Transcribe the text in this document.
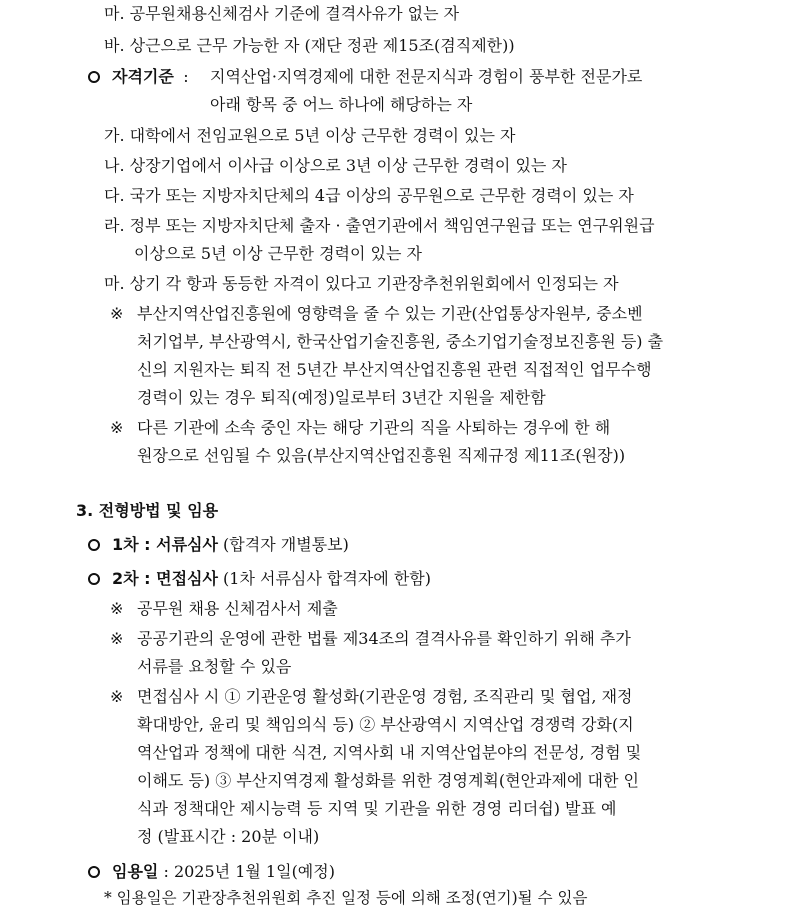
마. 공무원채용신체검사 기준에 결격사유가 없는 자
바. 상근으로 근무 가능한 자 (재단 정관 제15조(겸직제한))
자격기준 : 지역산업·지역경제에 대한 전문지식과 경험이 풍부한 전문가로
아래 항목 중 어느 하나에 해당하는 자
가. 대학에서 전임교원으로 5년 이상 근무한 경력이 있는 자
나. 상장기업에서 이사급 이상으로 3년 이상 근무한 경력이 있는 자
다. 국가 또는 지방자치단체의 4급 이상의 공무원으로 근무한 경력이 있는 자
라. 정부 또는 지방자치단체 출자 · 출연기관에서 책임연구원급 또는 연구위원급
이상으로 5년 이상 근무한 경력이 있는 자
마. 상기 각 항과 동등한 자격이 있다고 기관장추천위원회에서 인정되는 자
※ 부산지역산업진흥원에 영향력을 줄 수 있는 기관(산업통상자원부, 중소벤
처기업부, 부산광역시, 한국산업기술진흥원, 중소기업기술정보진흥원 등) 출
신의 지원자는 퇴직 전 5년간 부산지역산업진흥원 관련 직접적인 업무수행
경력이 있는 경우 퇴직(예정)일로부터 3년간 지원을 제한함
※ 다른 기관에 소속 중인 자는 해당 기관의 직을 사퇴하는 경우에 한 해
원장으로 선임될 수 있음(부산지역산업진흥원 직제규정 제11조(원장))
3. 전형방법 및 임용
1차 : 서류심사 (합격자 개별통보)
2차 : 면접심사 (1차 서류심사 합격자에 한함)
※ 공무원 채용 신체검사서 제출
※ 공공기관의 운영에 관한 법률 제34조의 결격사유를 확인하기 위해 추가
서류를 요청할 수 있음
※ 면접심사 시 ① 기관운영 활성화(기관운영 경험, 조직관리 및 협업, 재정
확대방안, 윤리 및 책임의식 등) ② 부산광역시 지역산업 경쟁력 강화(지
역산업과 정책에 대한 식견, 지역사회 내 지역산업분야의 전문성, 경험 및
이해도 등) ③ 부산지역경제 활성화를 위한 경영계획(현안과제에 대한 인
식과 정책대안 제시능력 등 지역 및 기관을 위한 경영 리더쉽) 발표 예
정 (발표시간 : 20분 이내)
임용일 : 2025년 1월 1일(예정)
* 임용일은 기관장추천위원회 추진 일정 등에 의해 조정(연기)될 수 있음
